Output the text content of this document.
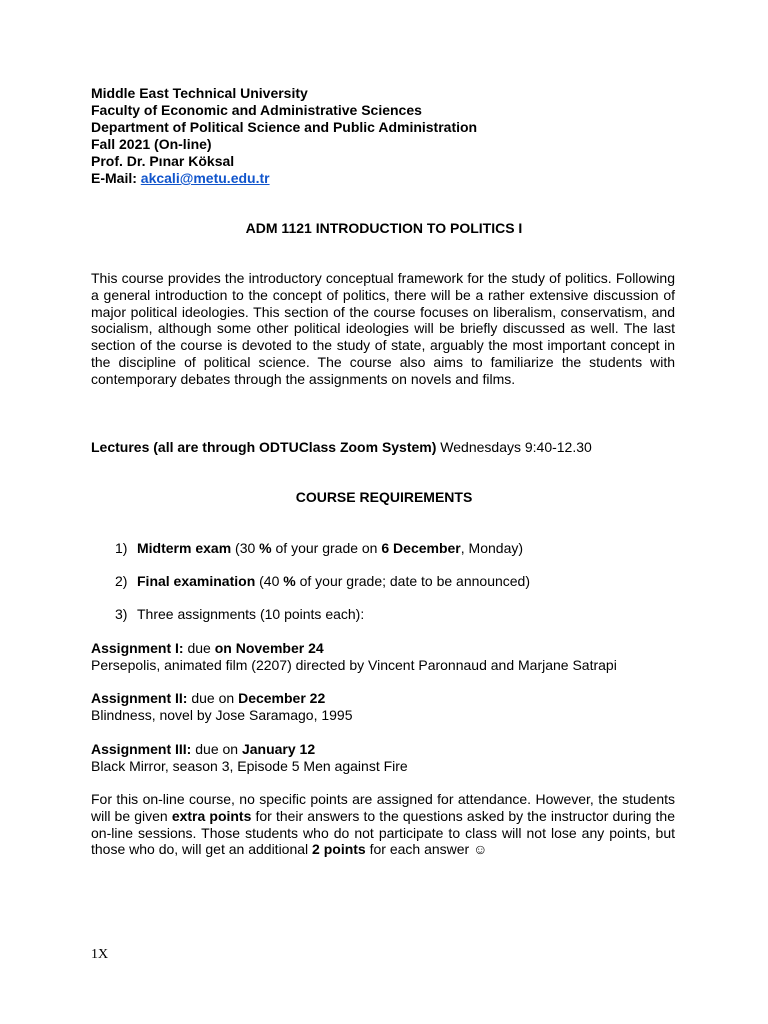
Middle East Technical University
Faculty of Economic and Administrative Sciences
Department of Political Science and Public Administration
Fall 2021 (On-line)
Prof. Dr. Pınar Köksal
E-Mail: akcali@metu.edu.tr
ADM 1121 INTRODUCTION TO POLITICS I
This course provides the introductory conceptual framework for the study of politics. Following a general introduction to the concept of politics, there will be a rather extensive discussion of major political ideologies. This section of the course focuses on liberalism, conservatism, and socialism, although some other political ideologies will be briefly discussed as well. The last section of the course is devoted to the study of state, arguably the most important concept in the discipline of political science. The course also aims to familiarize the students with contemporary debates through the assignments on novels and films.
Lectures (all are through ODTUClass Zoom System) Wednesdays 9:40-12.30
COURSE REQUIREMENTS
1) Midterm exam (30 % of your grade on 6 December, Monday)
2) Final examination (40 % of your grade; date to be announced)
3) Three assignments (10 points each):
Assignment I: due on November 24
Persepolis, animated film (2207) directed by Vincent Paronnaud and Marjane Satrapi
Assignment II: due on December 22
Blindness, novel by Jose Saramago, 1995
Assignment III: due on January 12
Black Mirror, season 3, Episode 5 Men against Fire
For this on-line course, no specific points are assigned for attendance. However, the students will be given extra points for their answers to the questions asked by the instructor during the on-line sessions. Those students who do not participate to class will not lose any points, but those who do, will get an additional 2 points for each answer ☺
1X
